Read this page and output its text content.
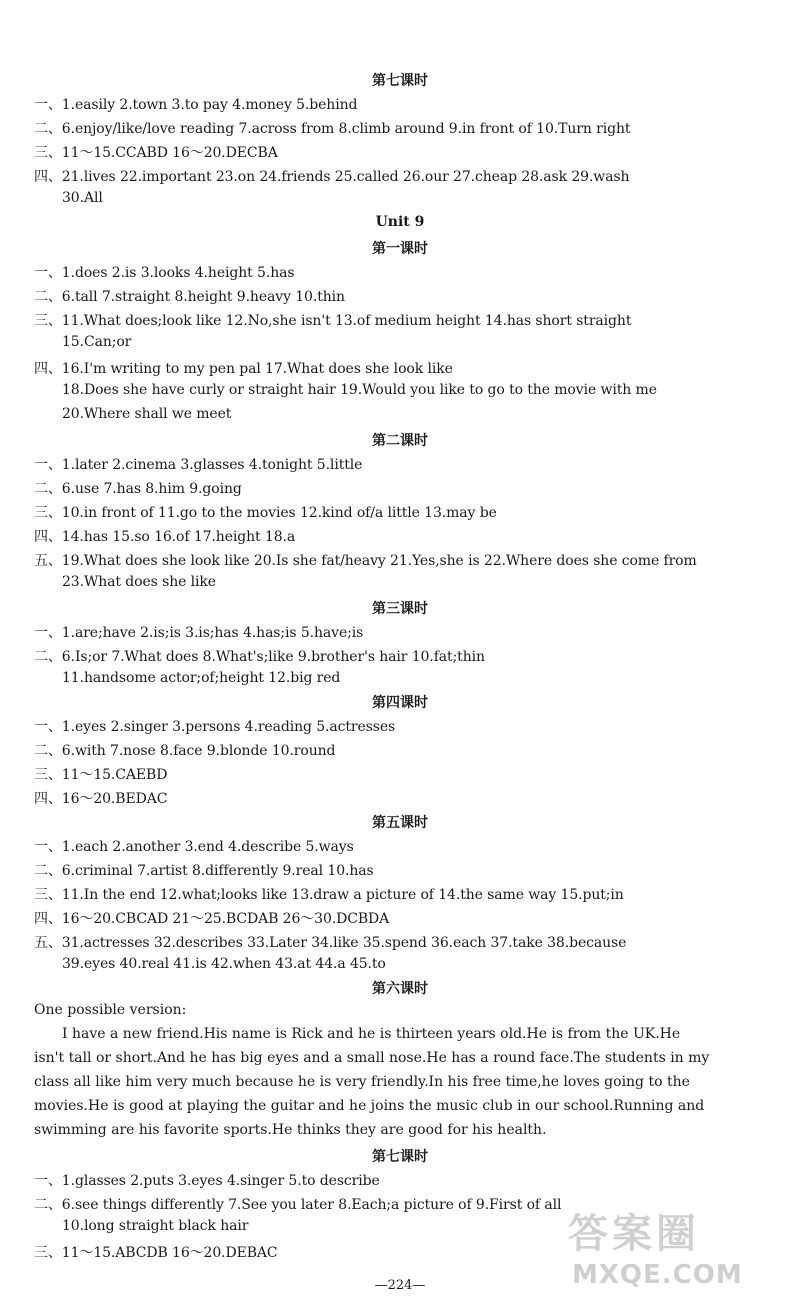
第七课时
一、1.easily 2.town 3.to pay 4.money 5.behind
二、6.enjoy/like/love reading 7.across from 8.climb around 9.in front of 10.Turn right
三、11～15.CCABD 16～20.DECBA
四、21.lives 22.important 23.on 24.friends 25.called 26.our 27.cheap 28.ask 29.wash
30.All
Unit 9
第一课时
一、1.does 2.is 3.looks 4.height 5.has
二、6.tall 7.straight 8.height 9.heavy 10.thin
三、11.What does;look like 12.No,she isn't 13.of medium height 14.has short straight
15.Can;or
四、16.I'm writing to my pen pal 17.What does she look like
18.Does she have curly or straight hair 19.Would you like to go to the movie with me
20.Where shall we meet
第二课时
一、1.later 2.cinema 3.glasses 4.tonight 5.little
二、6.use 7.has 8.him 9.going
三、10.in front of 11.go to the movies 12.kind of/a little 13.may be
四、14.has 15.so 16.of 17.height 18.a
五、19.What does she look like 20.Is she fat/heavy 21.Yes,she is 22.Where does she come from
23.What does she like
第三课时
一、1.are;have 2.is;is 3.is;has 4.has;is 5.have;is
二、6.Is;or 7.What does 8.What's;like 9.brother's hair 10.fat;thin
11.handsome actor;of;height 12.big red
第四课时
一、1.eyes 2.singer 3.persons 4.reading 5.actresses
二、6.with 7.nose 8.face 9.blonde 10.round
三、11～15.CAEBD
四、16～20.BEDAC
第五课时
一、1.each 2.another 3.end 4.describe 5.ways
二、6.criminal 7.artist 8.differently 9.real 10.has
三、11.In the end 12.what;looks like 13.draw a picture of 14.the same way 15.put;in
四、16～20.CBCAD 21～25.BCDAB 26～30.DCBDA
五、31.actresses 32.describes 33.Later 34.like 35.spend 36.each 37.take 38.because
39.eyes 40.real 41.is 42.when 43.at 44.a 45.to
第六课时
One possible version:
I have a new friend.His name is Rick and he is thirteen years old.He is from the UK.He
isn't tall or short.And he has big eyes and a small nose.He has a round face.The students in my
class all like him very much because he is very friendly.In his free time,he loves going to the
movies.He is good at playing the guitar and he joins the music club in our school.Running and
swimming are his favorite sports.He thinks they are good for his health.
第七课时
一、1.glasses 2.puts 3.eyes 4.singer 5.to describe
二、6.see things differently 7.See you later 8.Each;a picture of 9.First of all
10.long straight black hair
三、11～15.ABCDB 16～20.DEBAC
—224—
答案圈
MXQE.COM
